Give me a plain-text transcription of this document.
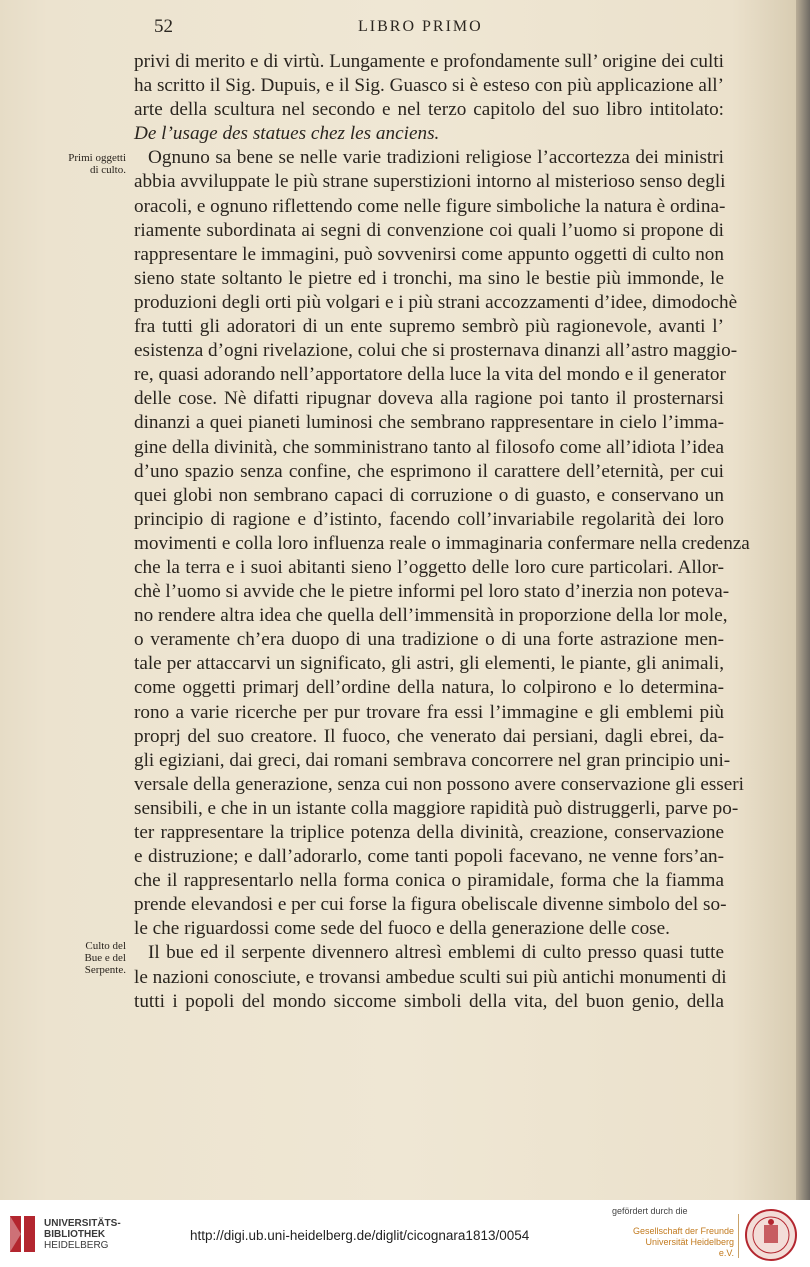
52	LIBRO PRIMO
privi di merito e di virtù. Lungamente e profondamente sull’ origine dei culti
ha scritto il Sig. Dupuis, e il Sig. Guasco si è esteso con più applicazione all’
arte della scultura nel secondo e nel terzo capitolo del suo libro intitolato:
De l’usage des statues chez les anciens.
Ognuno sa bene se nelle varie tradizioni religiose l’accortezza dei ministri
abbia avviluppate le più strane superstizioni intorno al misterioso senso degli
oracoli, e ognuno riflettendo come nelle figure simboliche la natura è ordina-
riamente subordinata ai segni di convenzione coi quali l’uomo si propone di
rappresentare le immagini, può sovvenirsi come appunto oggetti di culto non
sieno state soltanto le pietre ed i tronchi, ma sino le bestie più immonde, le
produzioni degli orti più volgari e i più strani accozzamenti d’idee, dimodochè
fra tutti gli adoratori di un ente supremo sembrò più ragionevole, avanti l’
esistenza d’ogni rivelazione, colui che si prosternava dinanzi all’astro maggio-
re, quasi adorando nell’apportatore della luce la vita del mondo e il generator
delle cose. Nè difatti ripugnar doveva alla ragione poi tanto il prosternarsi
dinanzi a quei pianeti luminosi che sembrano rappresentare in cielo l’imma-
gine della divinità, che somministrano tanto al filosofo come all’idiota l’idea
d’uno spazio senza confine, che esprimono il carattere dell’eternità, per cui
quei globi non sembrano capaci di corruzione o di guasto, e conservano un
principio di ragione e d’istinto, facendo coll’invariabile regolarità dei loro
movimenti e colla loro influenza reale o immaginaria confermare nella credenza
che la terra e i suoi abitanti sieno l’oggetto delle loro cure particolari. Allor-
chè l’uomo si avvide che le pietre informi pel loro stato d’inerzia non poteva-
no rendere altra idea che quella dell’immensità in proporzione della lor mole,
o veramente ch’era duopo di una tradizione o di una forte astrazione men-
tale per attaccarvi un significato, gli astri, gli elementi, le piante, gli animali,
come oggetti primarj dell’ordine della natura, lo colpirono e lo determina-
rono a varie ricerche per pur trovare fra essi l’immagine e gli emblemi più
proprj del suo creatore. Il fuoco, che venerato dai persiani, dagli ebrei, da-
gli egiziani, dai greci, dai romani sembrava concorrere nel gran principio uni-
versale della generazione, senza cui non possono avere conservazione gli esseri
sensibili, e che in un istante colla maggiore rapidità può distruggerli, parve po-
ter rappresentare la triplice potenza della divinità, creazione, conservazione
e distruzione; e dall’adorarlo, come tanti popoli facevano, ne venne fors’an-
che il rappresentarlo nella forma conica o piramidale, forma che la fiamma
prende elevandosi e per cui forse la figura obeliscale divenne simbolo del so-
le che riguardossi come sede del fuoco e della generazione delle cose.
Il bue ed il serpente divennero altresì emblemi di culto presso quasi tutte
le nazioni conosciute, e trovansi ambedue sculti sui più antichi monumenti di
tutti i popoli del mondo siccome simboli della vita, del buon genio, della
Primi oggetti
di culto.
Culto del
Bue e del
Serpente.
UNIVERSITÄTS-
BIBLIOTHEK
HEIDELBERG
http://digi.ub.uni-heidelberg.de/diglit/cicognara1813/0054
gefördert durch die
Gesellschaft der Freunde
Universität Heidelberg e.V.
